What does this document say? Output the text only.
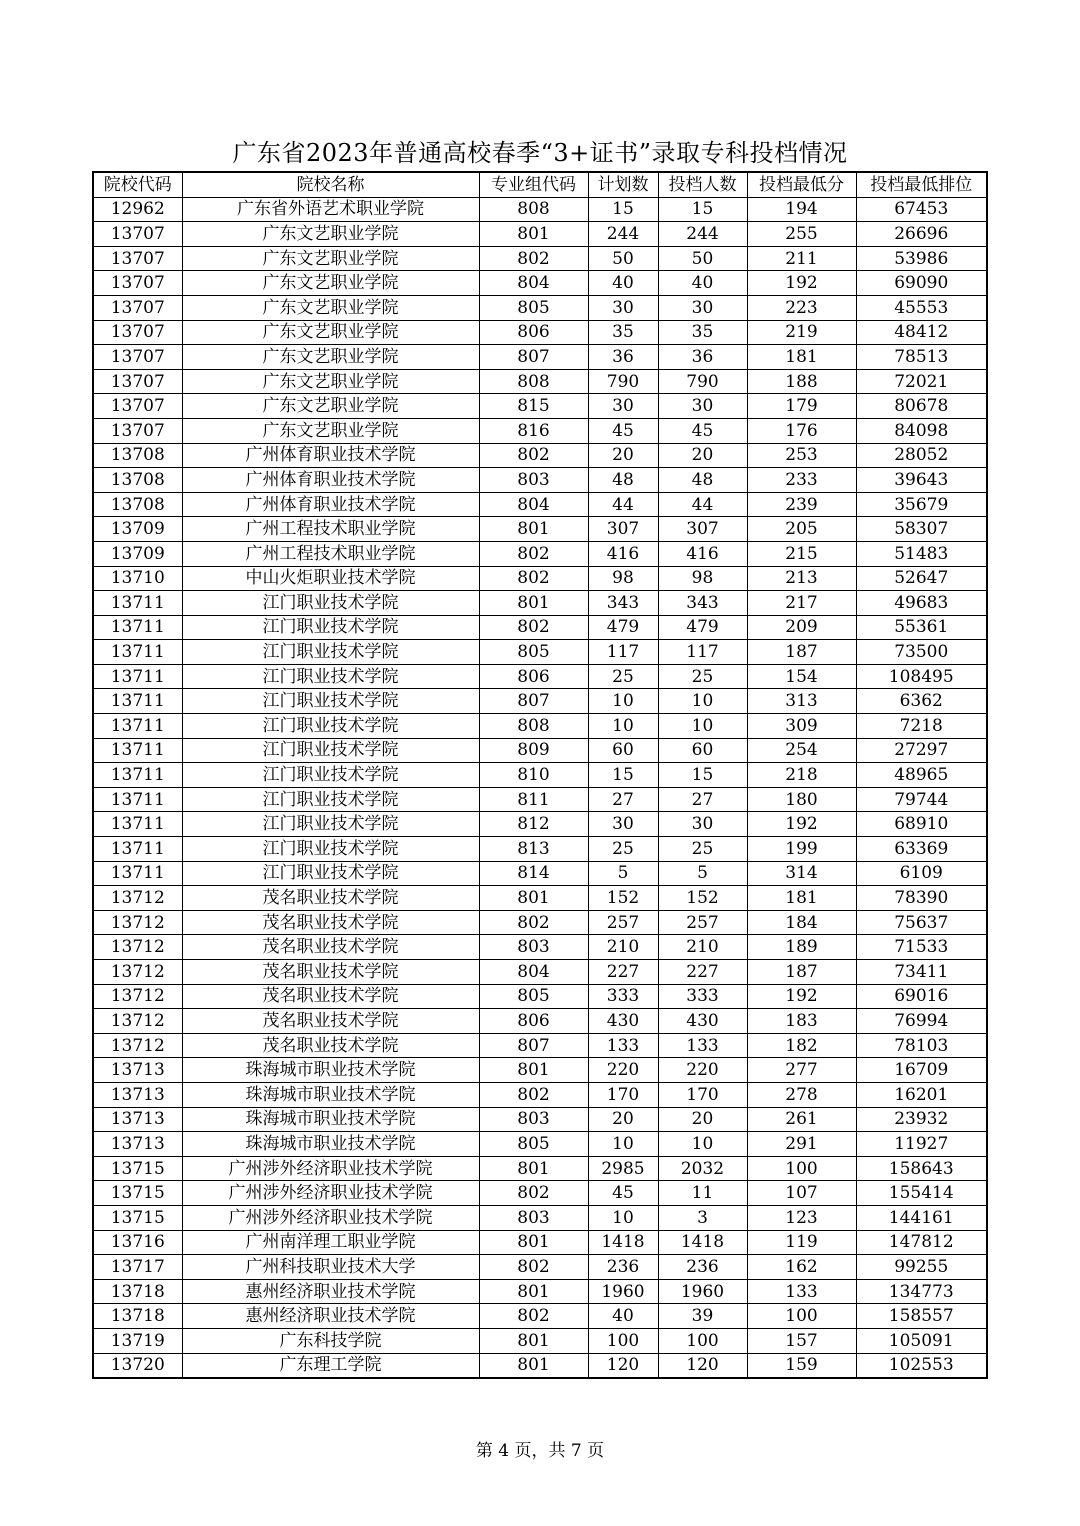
广东省2023年普通高校春季“3+证书”录取专科投档情况
院校代码	院校名称	专业组代码	计划数	投档人数	投档最低分	投档最低排位
12962	广东省外语艺术职业学院	808	15	15	194	67453
13707	广东文艺职业学院	801	244	244	255	26696
13707	广东文艺职业学院	802	50	50	211	53986
13707	广东文艺职业学院	804	40	40	192	69090
13707	广东文艺职业学院	805	30	30	223	45553
13707	广东文艺职业学院	806	35	35	219	48412
13707	广东文艺职业学院	807	36	36	181	78513
13707	广东文艺职业学院	808	790	790	188	72021
13707	广东文艺职业学院	815	30	30	179	80678
13707	广东文艺职业学院	816	45	45	176	84098
13708	广州体育职业技术学院	802	20	20	253	28052
13708	广州体育职业技术学院	803	48	48	233	39643
13708	广州体育职业技术学院	804	44	44	239	35679
13709	广州工程技术职业学院	801	307	307	205	58307
13709	广州工程技术职业学院	802	416	416	215	51483
13710	中山火炬职业技术学院	802	98	98	213	52647
13711	江门职业技术学院	801	343	343	217	49683
13711	江门职业技术学院	802	479	479	209	55361
13711	江门职业技术学院	805	117	117	187	73500
13711	江门职业技术学院	806	25	25	154	108495
13711	江门职业技术学院	807	10	10	313	6362
13711	江门职业技术学院	808	10	10	309	7218
13711	江门职业技术学院	809	60	60	254	27297
13711	江门职业技术学院	810	15	15	218	48965
13711	江门职业技术学院	811	27	27	180	79744
13711	江门职业技术学院	812	30	30	192	68910
13711	江门职业技术学院	813	25	25	199	63369
13711	江门职业技术学院	814	5	5	314	6109
13712	茂名职业技术学院	801	152	152	181	78390
13712	茂名职业技术学院	802	257	257	184	75637
13712	茂名职业技术学院	803	210	210	189	71533
13712	茂名职业技术学院	804	227	227	187	73411
13712	茂名职业技术学院	805	333	333	192	69016
13712	茂名职业技术学院	806	430	430	183	76994
13712	茂名职业技术学院	807	133	133	182	78103
13713	珠海城市职业技术学院	801	220	220	277	16709
13713	珠海城市职业技术学院	802	170	170	278	16201
13713	珠海城市职业技术学院	803	20	20	261	23932
13713	珠海城市职业技术学院	805	10	10	291	11927
13715	广州涉外经济职业技术学院	801	2985	2032	100	158643
13715	广州涉外经济职业技术学院	802	45	11	107	155414
13715	广州涉外经济职业技术学院	803	10	3	123	144161
13716	广州南洋理工职业学院	801	1418	1418	119	147812
13717	广州科技职业技术大学	802	236	236	162	99255
13718	惠州经济职业技术学院	801	1960	1960	133	134773
13718	惠州经济职业技术学院	802	40	39	100	158557
13719	广东科技学院	801	100	100	157	105091
13720	广东理工学院	801	120	120	159	102553
第 4 页，共 7 页
